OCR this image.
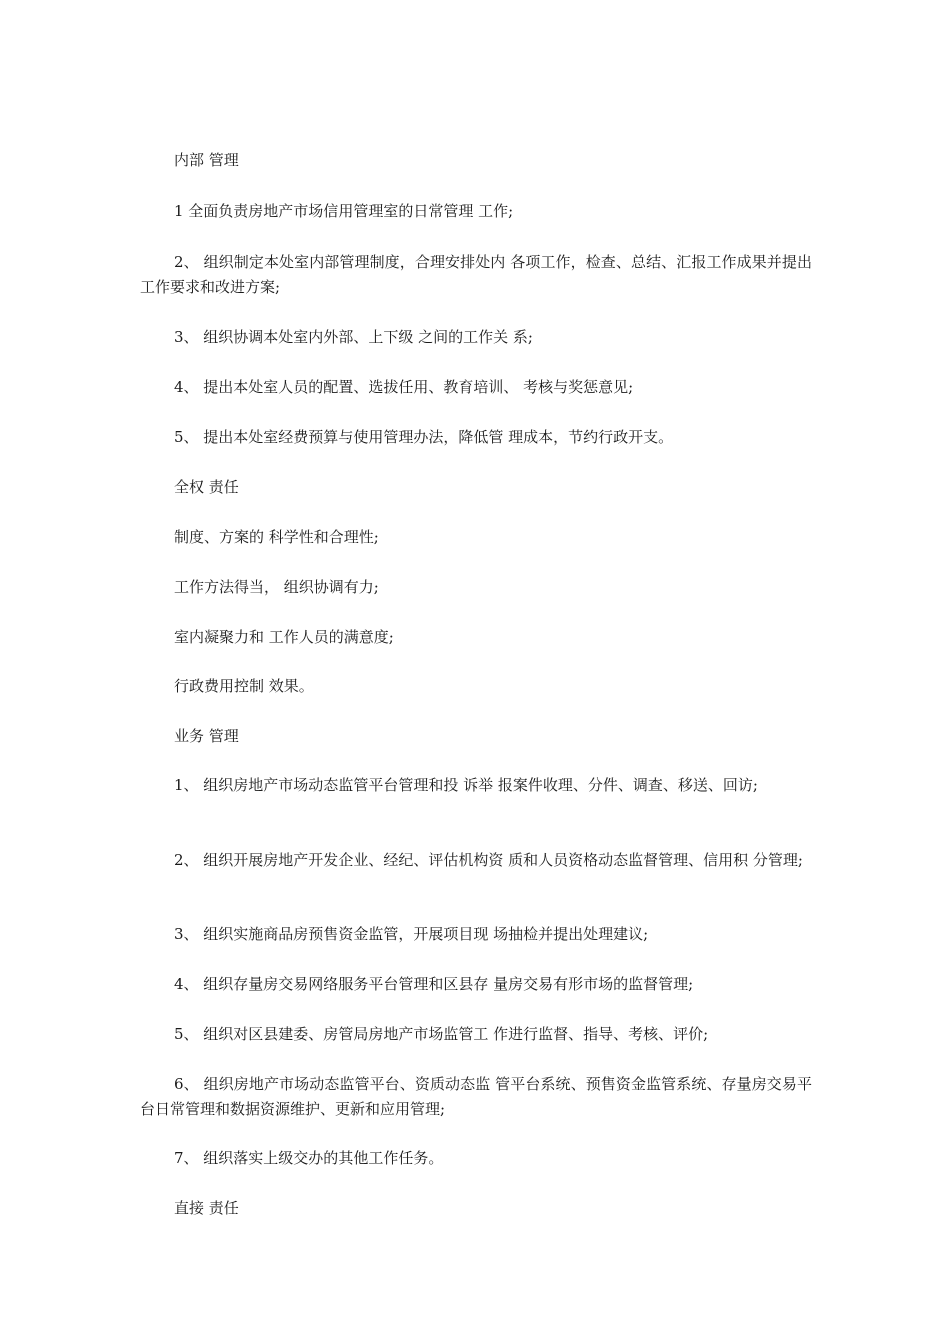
内部 管理

1 全面负责房地产市场信用管理室的日常管理 工作;

2、 组织制定本处室内部管理制度，合理安排处内 各项工作，检查、总结、汇报工作成果并提出 工作要求和改进方案;

3、 组织协调本处室内外部、上下级 之间的工作关 系;

4、 提出本处室人员的配置、选拔任用、教育培训、 考核与奖惩意见;

5、 提出本处室经费预算与使用管理办法，降低管 理成本，节约行政开支。

全权 责任

制度、方案的 科学性和合理性;

工作方法得当， 组织协调有力;

室内凝聚力和 工作人员的满意度;

行政费用控制 效果。

业务 管理

1、 组织房地产市场动态监管平台管理和投 诉举 报案件收理、分件、调查、移送、回访;

2、 组织开展房地产开发企业、经纪、评估机构资 质和人员资格动态监督管理、信用积 分管理;

3、 组织实施商品房预售资金监管，开展项目现 场抽检并提出处理建议;

4、 组织存量房交易网络服务平台管理和区县存 量房交易有形市场的监督管理;

5、 组织对区县建委、房管局房地产市场监管工 作进行监督、指导、考核、评价;

6、 组织房地产市场动态监管平台、资质动态监 管平台系统、预售资金监管系统、存量房交易平 台日常管理和数据资源维护、更新和应用管理;

7、 组织落实上级交办的其他工作任务。

直接 责任
